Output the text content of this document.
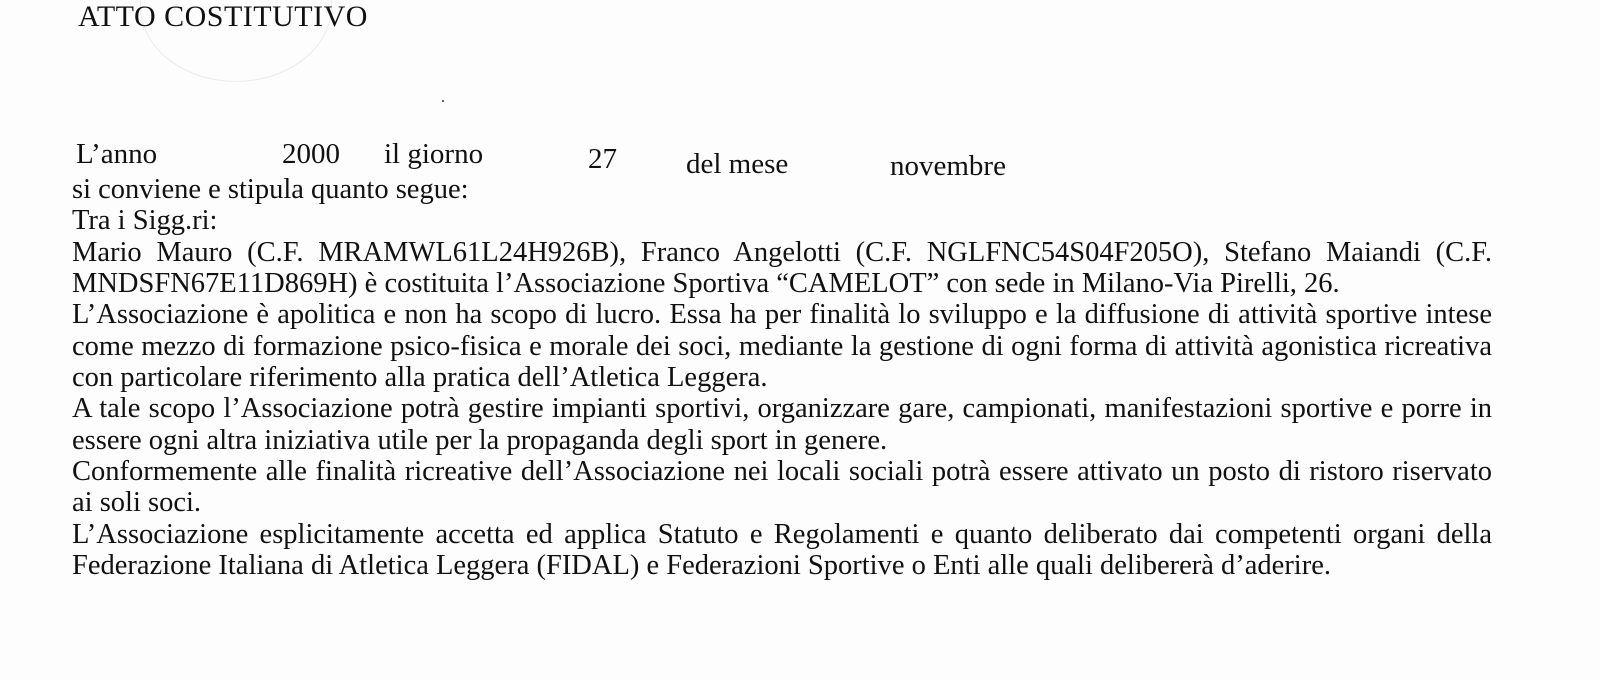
ATTO COSTITUTIVO
L’anno	2000 il giorno	27 del mese	novembre

si conviene e stipula quanto segue:

Tra i Sigg.ri:

Mario Mauro (C.F. MRAMWL61L24H926B), Franco Angelotti (C.F. NGLFNC54S04F205O), Stefano Maiandi (C.F. MNDSFN67E11D869H) è costituita l’Associazione Sportiva “CAMELOT” con sede in Milano-Via Pirelli, 26.

L’Associazione è apolitica e non ha scopo di lucro. Essa ha per finalità lo sviluppo e la diffusione di attività sportive intese come mezzo di formazione psico-fisica e morale dei soci, mediante la gestione di ogni forma di attività agonistica ricreativa con particolare riferimento alla pratica dell’Atletica Leggera.

A tale scopo l’Associazione potrà gestire impianti sportivi, organizzare gare, campionati, manifestazioni sportive e porre in essere ogni altra iniziativa utile per la propaganda degli sport in genere.

Conformemente alle finalità ricreative dell’Associazione nei locali sociali potrà essere attivato un posto di ristoro riservato ai soli soci.

L’Associazione esplicitamente accetta ed applica Statuto e Regolamenti e quanto deliberato dai competenti organi della Federazione Italiana di Atletica Leggera (FIDAL) e Federazioni Sportive o Enti alle quali delibererà d’aderire.
